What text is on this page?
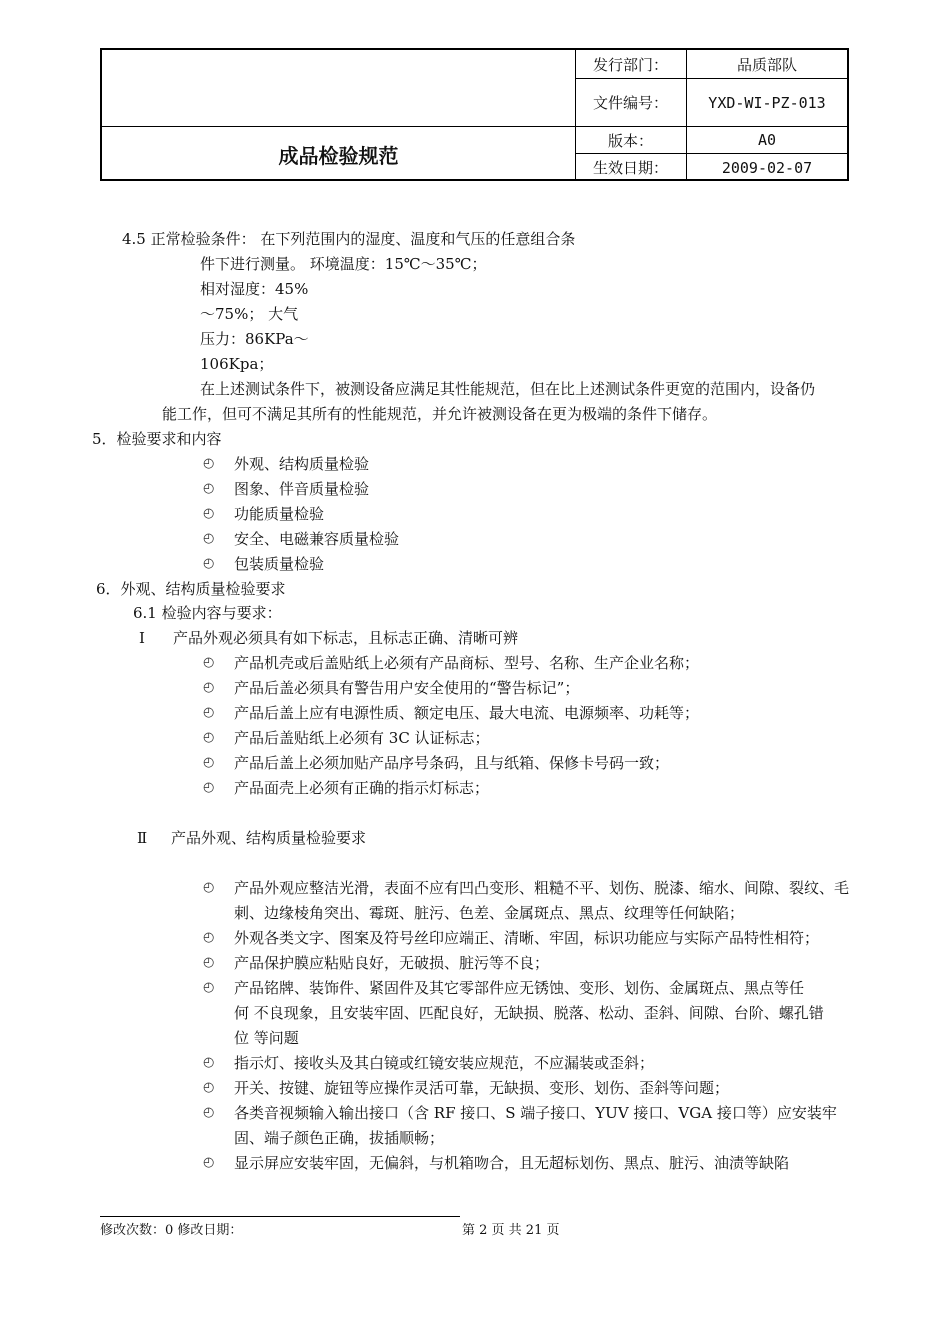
发行部门：	品质部队
文件编号：	YXD-WI-PZ-013
版本：	A0
生效日期：	2009-02-07
成品检验规范
4.5 正常检验条件： 在下列范围内的湿度、温度和气压的任意组合条
件下进行测量。 环境温度：15℃～35℃；
相对湿度：45%
～75%； 大气
压力：86KPa～
106Kpa；
在上述测试条件下，被测设备应满足其性能规范，但在比上述测试条件更宽的范围内，设备仍
能工作，但可不满足其所有的性能规范，并允许被测设备在更为极端的条件下储存。
5．检验要求和内容
◴ 外观、结构质量检验
◴ 图象、伴音质量检验
◴ 功能质量检验
◴ 安全、电磁兼容质量检验
◴ 包装质量检验
6．外观、结构质量检验要求
6.1 检验内容与要求：
Ⅰ 产品外观必须具有如下标志，且标志正确、清晰可辨
◴ 产品机壳或后盖贴纸上必须有产品商标、型号、名称、生产企业名称；
◴ 产品后盖必须具有警告用户安全使用的“警告标记”；
◴ 产品后盖上应有电源性质、额定电压、最大电流、电源频率、功耗等；
◴ 产品后盖贴纸上必须有 3C 认证标志；
◴ 产品后盖上必须加贴产品序号条码，且与纸箱、保修卡号码一致；
◴ 产品面壳上必须有正确的指示灯标志；
Ⅱ 产品外观、结构质量检验要求
◴ 产品外观应整洁光滑，表面不应有凹凸变形、粗糙不平、划伤、脱漆、缩水、间隙、裂纹、毛
刺、边缘棱角突出、霉斑、脏污、色差、金属斑点、黑点、纹理等任何缺陷；
◴ 外观各类文字、图案及符号丝印应端正、清晰、牢固，标识功能应与实际产品特性相符；
◴ 产品保护膜应粘贴良好，无破损、脏污等不良；
◴ 产品铭牌、装饰件、紧固件及其它零部件应无锈蚀、变形、划伤、金属斑点、黑点等任
何 不良现象，且安装牢固、匹配良好，无缺损、脱落、松动、歪斜、间隙、台阶、螺孔错
位 等问题
◴ 指示灯、接收头及其白镜或红镜安装应规范，不应漏装或歪斜；
◴ 开关、按键、旋钮等应操作灵活可靠，无缺损、变形、划伤、歪斜等问题；
◴ 各类音视频输入输出接口（含 RF 接口、S 端子接口、YUV 接口、VGA 接口等）应安装牢
固、端子颜色正确，拔插顺畅；
◴ 显示屏应安装牢固，无偏斜，与机箱吻合，且无超标划伤、黑点、脏污、油渍等缺陷
修改次数：0 修改日期：	第 2 页 共 21 页
